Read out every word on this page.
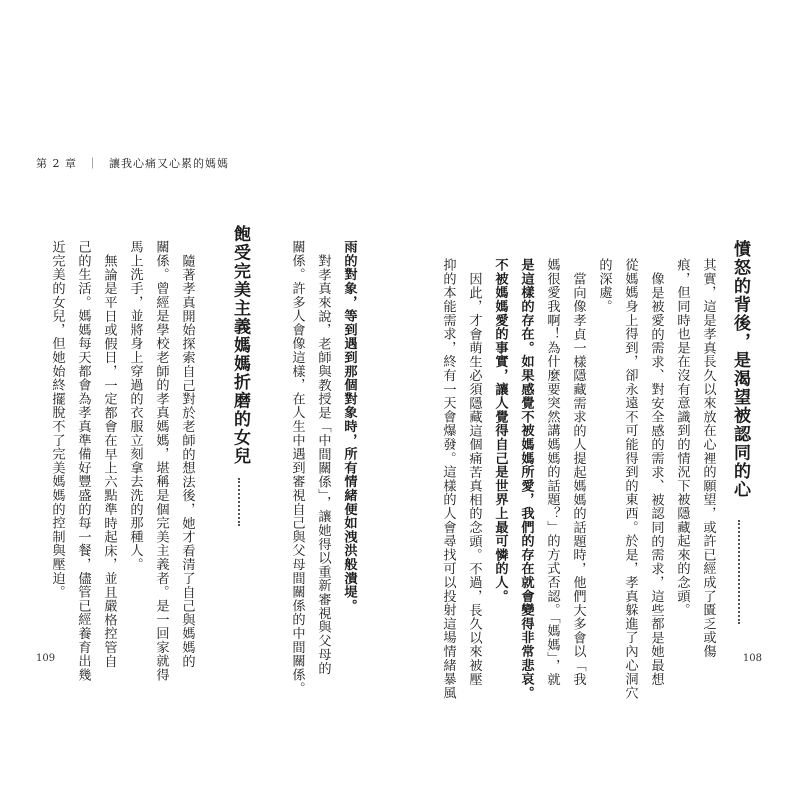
第 2 章 ｜ 讓我心痛又心累的媽媽
憤怒的背後，是渴望被認同的心
其實，這是孝真長久以來放在心裡的願望，或許已經成了匱乏或傷
痕，但同時也是在沒有意識到的情況下被隱藏起來的念頭。
像是被愛的需求、對安全感的需求、被認同的需求，這些都是她最想
從媽媽身上得到，卻永遠不可能得到的東西。於是，孝真躲進了內心洞穴
的深處。
當向像孝貞一樣隱藏需求的人提起媽媽的話題時，他們大多會以「我
媽很愛我啊！為什麼要突然講媽媽的話題？」的方式否認。「媽媽」，就
是這樣的存在。如果感覺不被媽媽所愛，我們的存在就會變得非常悲哀。
不被媽媽愛的事實，讓人覺得自己是世界上最可憐的人。
因此，才會萌生必須隱藏這個痛苦真相的念頭。不過，長久以來被壓
抑的本能需求，終有一天會爆發。這樣的人會尋找可以投射這場情緒暴風	108
雨的對象，等到遇到那個對象時，所有情緒便如洩洪般潰堤。
對孝真來說，老師與教授是「中間關係」，讓她得以重新審視與父母的
關係。許多人會像這樣，在人生中遇到審視自己與父母間關係的中間關係。
飽受完美主義媽媽折磨的女兒
隨著孝真開始探索自己對於老師的想法後，她才看清了自己與媽媽的
關係。曾經是學校老師的孝真媽媽，堪稱是個完美主義者。是一回家就得
馬上洗手，並將身上穿過的衣服立刻拿去洗的那種人。
無論是平日或假日，一定都會在早上六點準時起床，並且嚴格控管自
己的生活。媽媽每天都會為孝真準備好豐盛的每一餐，儘管已經養育出幾
近完美的女兒，但她始終擺脫不了完美媽媽的控制與壓迫。
109
